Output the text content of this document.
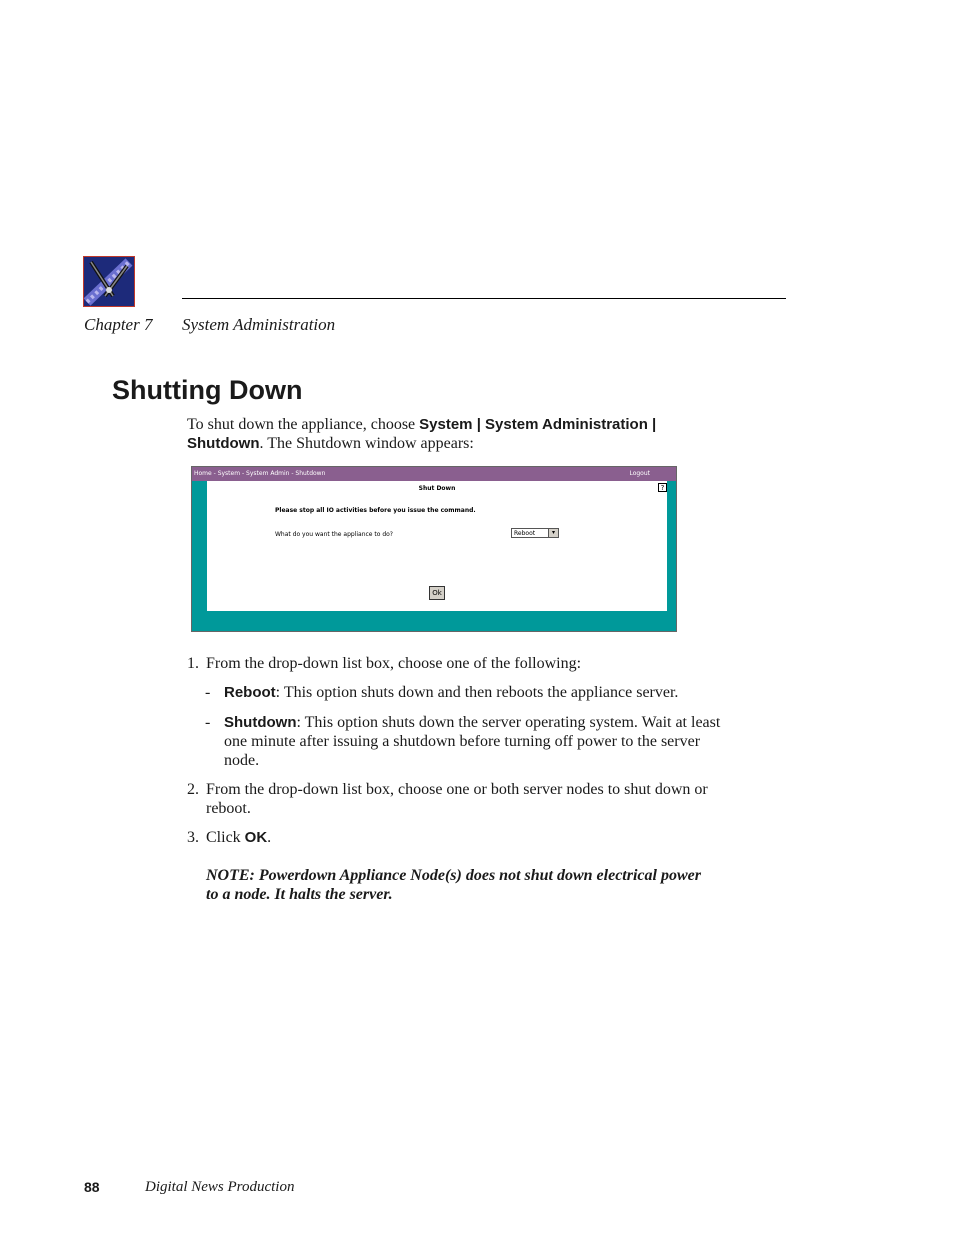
Chapter 7 System Administration
Shutting Down
To shut down the appliance, choose System | System Administration | Shutdown. The Shutdown window appears:
Home - System - System Admin - Shutdown	Logout
Shut Down	?
Please stop all IO activities before you issue the command.
What do you want the appliance to do?	Reboot	▾
Ok
1. From the drop-down list box, choose one of the following:
- Reboot: This option shuts down and then reboots the appliance server.
- Shutdown: This option shuts down the server operating system. Wait at least one minute after issuing a shutdown before turning off power to the server node.
2. From the drop-down list box, choose one or both server nodes to shut down or reboot.
3. Click OK.
NOTE: Powerdown Appliance Node(s) does not shut down electrical power to a node. It halts the server.
88	Digital News Production
